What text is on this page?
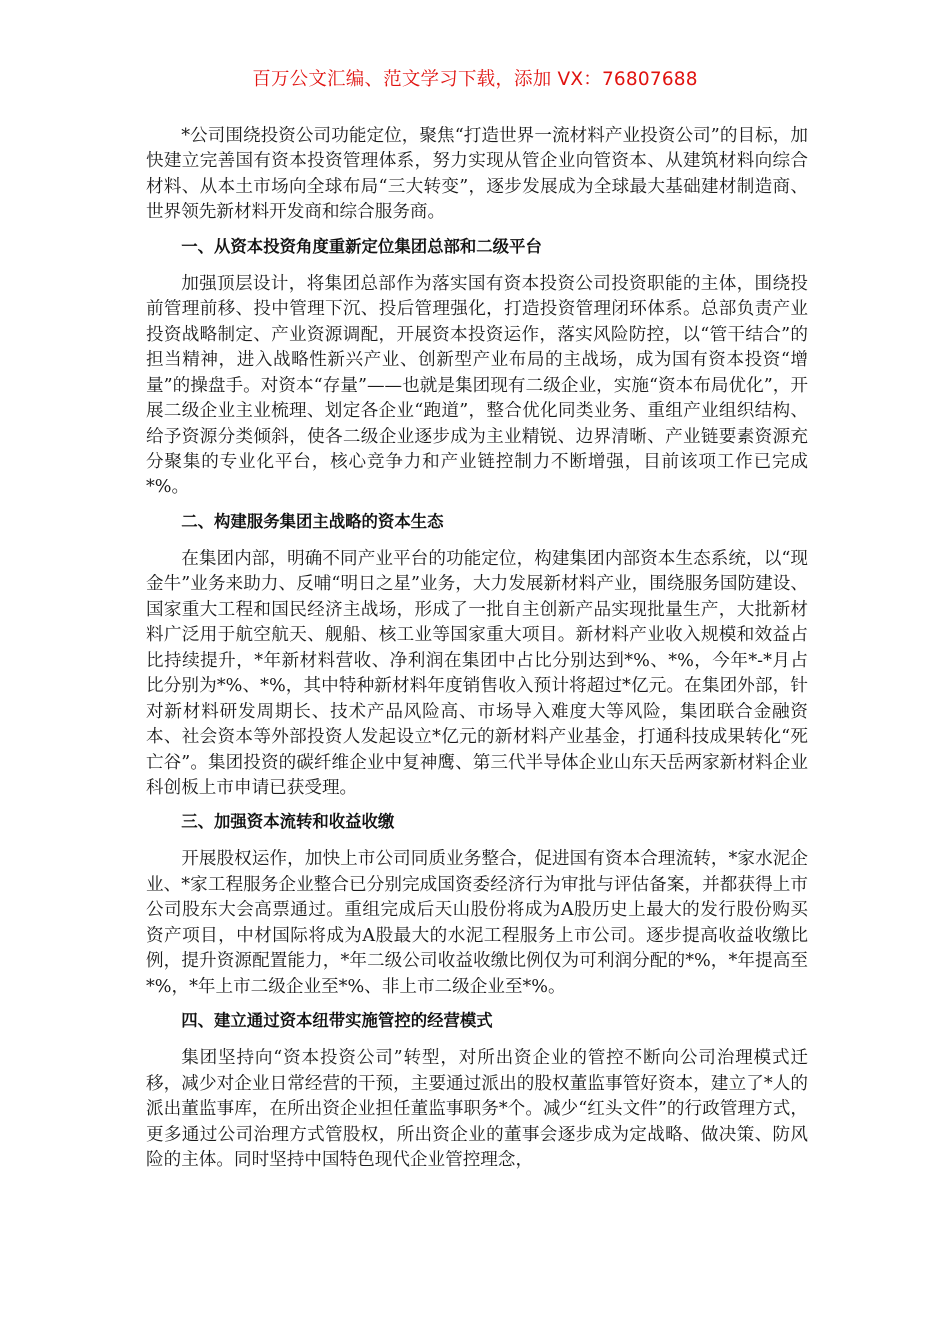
百万公文汇编、范文学习下载，添加 VX：76807688

*公司围绕投资公司功能定位，聚焦“打造世界一流材料产业投资公司”的目标，加快建立完善国有资本投资管理体系，努力实现从管企业向管资本、从建筑材料向综合材料、从本土市场向全球布局“三大转变”，逐步发展成为全球最大基础建材制造商、世界领先新材料开发商和综合服务商。

一、从资本投资角度重新定位集团总部和二级平台

加强顶层设计，将集团总部作为落实国有资本投资公司投资职能的主体，围绕投前管理前移、投中管理下沉、投后管理强化，打造投资管理闭环体系。总部负责产业投资战略制定、产业资源调配，开展资本投资运作，落实风险防控，以“管干结合”的担当精神，进入战略性新兴产业、创新型产业布局的主战场，成为国有资本投资“增量”的操盘手。对资本“存量”——也就是集团现有二级企业，实施“资本布局优化”，开展二级企业主业梳理、划定各企业“跑道”，整合优化同类业务、重组产业组织结构、给予资源分类倾斜，使各二级企业逐步成为主业精锐、边界清晰、产业链要素资源充分聚集的专业化平台，核心竞争力和产业链控制力不断增强，目前该项工作已完成*%。

二、构建服务集团主战略的资本生态

在集团内部，明确不同产业平台的功能定位，构建集团内部资本生态系统，以“现金牛”业务来助力、反哺“明日之星”业务，大力发展新材料产业，围绕服务国防建设、国家重大工程和国民经济主战场，形成了一批自主创新产品实现批量生产，大批新材料广泛用于航空航天、舰船、核工业等国家重大项目。新材料产业收入规模和效益占比持续提升，*年新材料营收、净利润在集团中占比分别达到*%、*%，今年*-*月占比分别为*%、*%，其中特种新材料年度销售收入预计将超过*亿元。在集团外部，针对新材料研发周期长、技术产品风险高、市场导入难度大等风险，集团联合金融资本、社会资本等外部投资人发起设立*亿元的新材料产业基金，打通科技成果转化“死亡谷”。集团投资的碳纤维企业中复神鹰、第三代半导体企业山东天岳两家新材料企业科创板上市申请已获受理。

三、加强资本流转和收益收缴

开展股权运作，加快上市公司同质业务整合，促进国有资本合理流转，*家水泥企业、*家工程服务企业整合已分别完成国资委经济行为审批与评估备案，并都获得上市公司股东大会高票通过。重组完成后天山股份将成为A股历史上最大的发行股份购买资产项目，中材国际将成为A股最大的水泥工程服务上市公司。逐步提高收益收缴比例，提升资源配置能力，*年二级公司收益收缴比例仅为可利润分配的*%，*年提高至*%，*年上市二级企业至*%、非上市二级企业至*%。

四、建立通过资本纽带实施管控的经营模式

集团坚持向“资本投资公司”转型，对所出资企业的管控不断向公司治理模式迁移，减少对企业日常经营的干预，主要通过派出的股权董监事管好资本，建立了*人的派出董监事库，在所出资企业担任董监事职务*个。减少“红头文件”的行政管理方式，更多通过公司治理方式管股权，所出资企业的董事会逐步成为定战略、做决策、防风险的主体。同时坚持中国特色现代企业管控理念，
